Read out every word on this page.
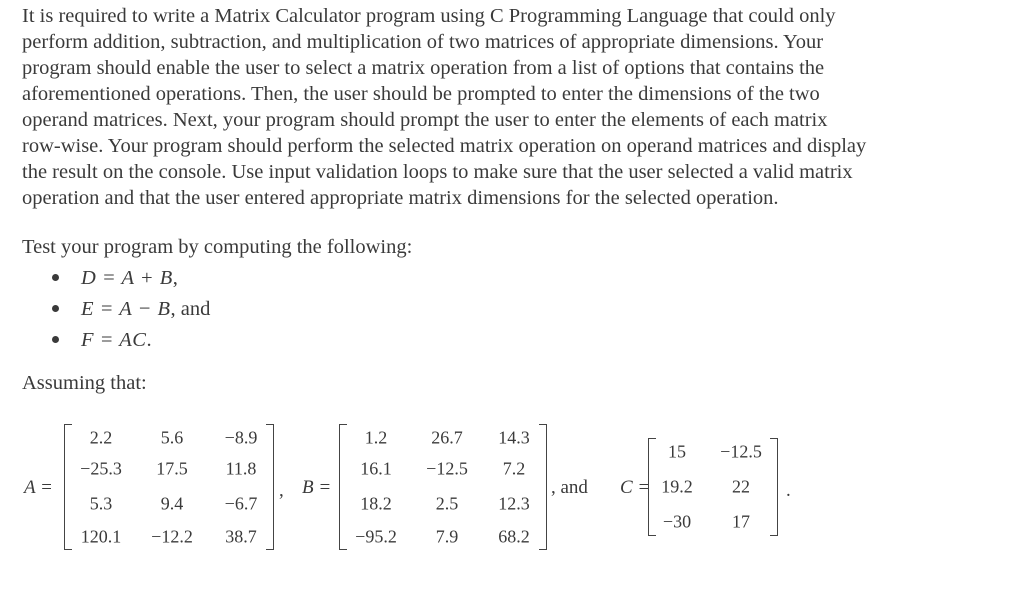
It is required to write a Matrix Calculator program using C Programming Language that could only
perform addition, subtraction, and multiplication of two matrices of appropriate dimensions. Your
program should enable the user to select a matrix operation from a list of options that contains the
aforementioned operations. Then, the user should be prompted to enter the dimensions of the two
operand matrices. Next, your program should prompt the user to enter the elements of each matrix
row-wise. Your program should perform the selected matrix operation on operand matrices and display
the result on the console. Use input validation loops to make sure that the user selected a valid matrix
operation and that the user entered appropriate matrix dimensions for the selected operation.
Test your program by computing the following:
D = A + B ,
E = A − B , and
F = AC .
Assuming that:
A =
2.2	5.6 −8.9
−25.3 17.5 11.8
5.3	9.4 −6.7
120.1 −12.2 38.7
, B =
1.2 26.7 14.3
16.1 −12.5 7.2
18.2 2.5 12.3
−95.2 7.9 68.2
, and C =
15 −12.5
19.2 22
−30 17
.
